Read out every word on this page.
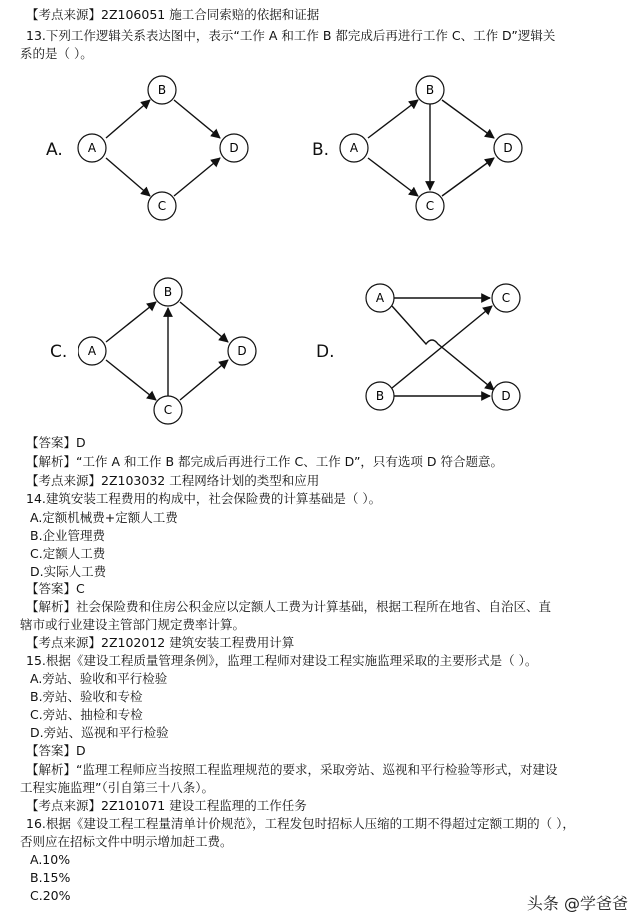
【考点来源】2Z106051 施工合同索赔的依据和证据
13.下列工作逻辑关系表达图中，表示“工作 A 和工作 B 都完成后再进行工作 C、工作 D”逻辑关
系的是（ ）。
A. A
B
C
D	B. A
B
C
D
C. A
B
C
D	D.
A
B
C
D
【答案】D
【解析】“工作 A 和工作 B 都完成后再进行工作 C、工作 D”，只有选项 D 符合题意。
【考点来源】2Z103032 工程网络计划的类型和应用
14.建筑安装工程费用的构成中，社会保险费的计算基础是（ ）。
A.定额机械费+定额人工费
B.企业管理费
C.定额人工费
D.实际人工费
【答案】C
【解析】社会保险费和住房公积金应以定额人工费为计算基础，根据工程所在地省、自治区、直
辖市或行业建设主管部门规定费率计算。
【考点来源】2Z102012 建筑安装工程费用计算
15.根据《建设工程质量管理条例》，监理工程师对建设工程实施监理采取的主要形式是（ ）。
A.旁站、验收和平行检验
B.旁站、验收和专检
C.旁站、抽检和专检
D.旁站、巡视和平行检验
【答案】D
【解析】“监理工程师应当按照工程监理规范的要求，采取旁站、巡视和平行检验等形式，对建设
工程实施监理”（引自第三十八条）。
【考点来源】2Z101071 建设工程监理的工作任务
16.根据《建设工程工程量清单计价规范》，工程发包时招标人压缩的工期不得超过定额工期的（ ），
否则应在招标文件中明示增加赶工费。
A.10%
B.15%
C.20%	头条 @学爸爸
